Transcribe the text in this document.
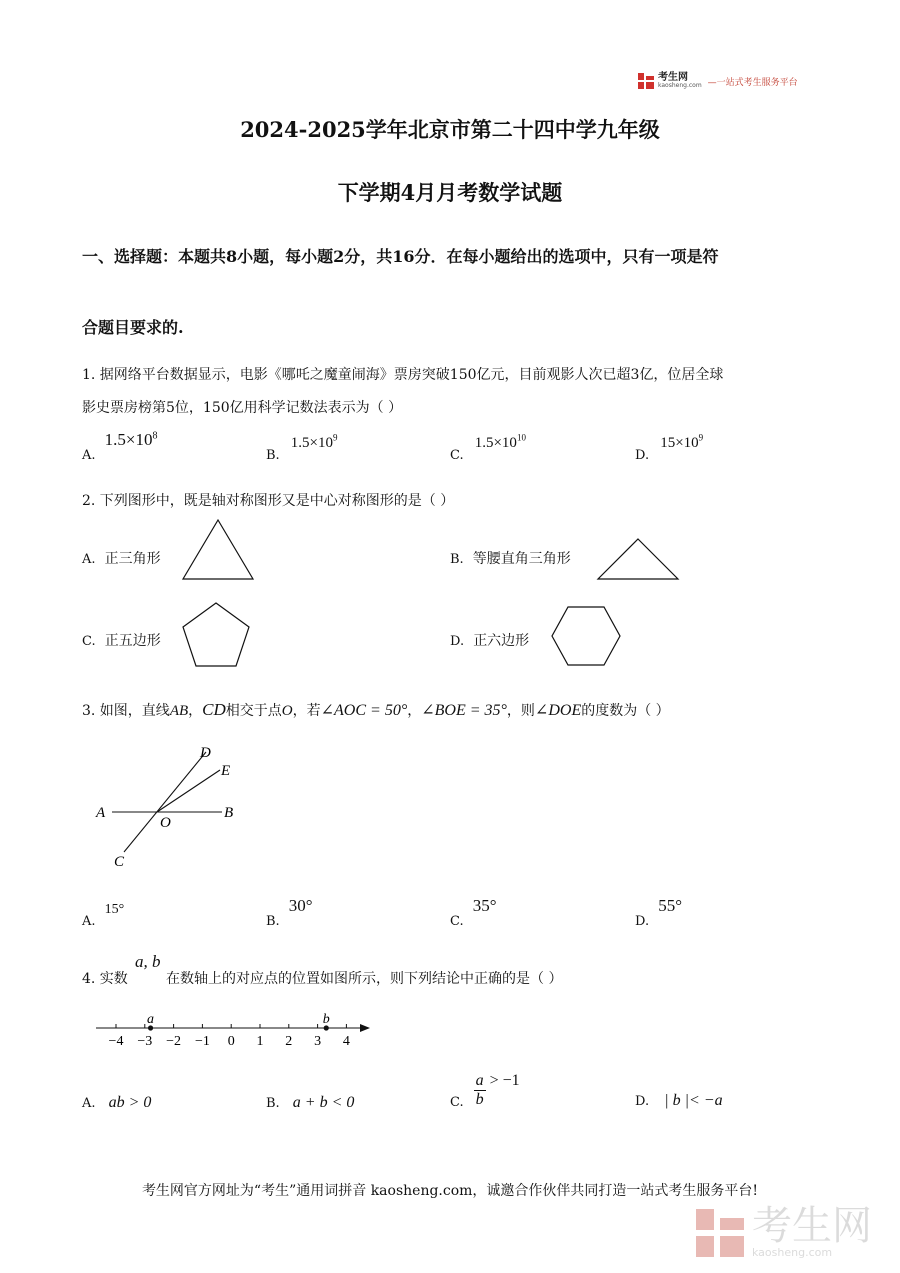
考生网
kaosheng.com —一站式考生服务平台
2024-2025学年北京市第二十四中学九年级
下学期4月月考数学试题
一、选择题：本题共8小题，每小题2分，共16分．在每小题给出的选项中，只有一项是符
合题目要求的.
1. 据网络平台数据显示，电影《哪吒之魔童闹海》票房突破150亿元，目前观影人次已超3亿，位居全球
影史票房榜第5位，150亿用科学记数法表示为（ ）
$_{A.}$ $1.5\times 10^8$
$_{B.}$ $1.5\times 10^9$
$_{C.}$ $1.5\times 10^{10}$
$_{D.}$ $15\times 10^9$
2. 下列图形中，既是轴对称图形又是中心对称图形的是（ ）
A. 正三角形	B. 等腰直角三角形
C. 正五边形	D. 正六边形
3. 如图，直线AB，CD相交于点O，若∠AOC = 50°，∠BOE = 35°，则∠DOE的度数为（ ）
D
E
A
O
B
C
$_{A.}$ 15°
$_{B.}$ 30°
$_{C.}$ 35°
$_{D.}$ 55°
4. 实数
a, b
在数轴上的对应点的位置如图所示，则下列结论中正确的是（ ）
−4 −3 −2 −1 0 1 2 3 4
a	b
A. ab > 0	B. a + b < 0	C.
a
b
> −1
D. | b |< −a
考生网官方网址为“考生”通用词拼音 kaosheng.com，诚邀合作伙伴共同打造一站式考生服务平台!
考生网
kaosheng.com
